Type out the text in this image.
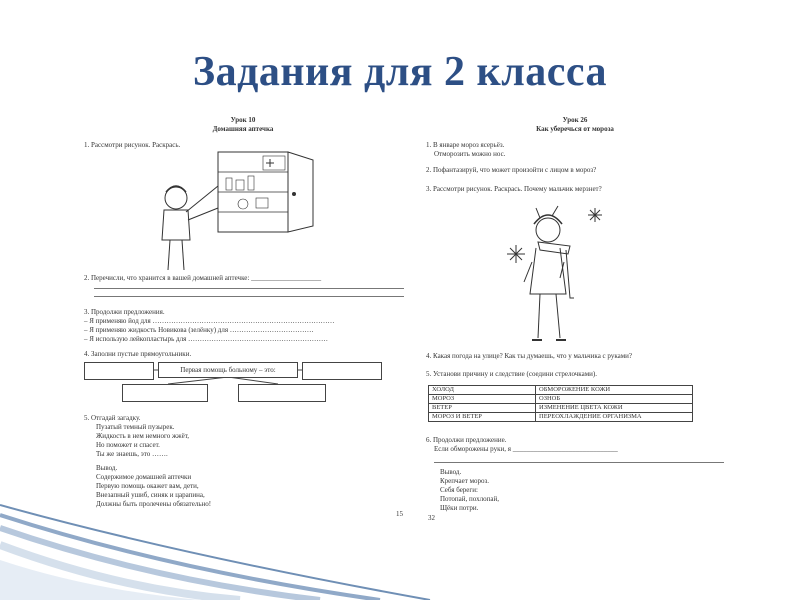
Задания для 2 класса
Урок 10
Домашняя аптечка
1. Рассмотри рисунок. Раскрась.
2. Перечисли, что хранится в вашей домашней аптечке: ____________________
3. Продолжи предложения.
– Я применяю йод для ……………………………………………………………………
– Я применяю жидкость Новикова (зелёнку) для ………………………………
– Я использую лейкопластырь для ……………………………………………………
4. Заполни пустые прямоугольники.
Первая помощь больному – это:
5. Отгадай загадку.
Пузатый темный пузырек.
Жидкость в нем немного жжёт,
Но поможет и спасет.
Ты же знаешь, это …….
Вывод.
Содержимое домашней аптечки
Первую помощь окажет вам, дети,
Внезапный ушиб, синяк и царапина,
Должны быть пролечены обязательно!
15
Урок 26
Как уберечься от мороза
1. В январе мороз ясерьёз.
Отморозить можно нос.
2. Пофантазируй, что может произойти с лицом в мороз?
3. Рассмотри рисунок. Раскрась. Почему мальчик мерзнет?
4. Какая погода на улице? Как ты думаешь, что у мальчика с руками?
5. Установи причину и следствие (соедини стрелочками).
ХОЛОД	ОБМОРОЖЕНИЕ КОЖИ
МОРОЗ	ОЗНОБ
ВЕТЕР	ИЗМЕНЕНИЕ ЦВЕТА КОЖИ
МОРОЗ И ВЕТЕР	ПЕРЕОХЛАЖДЕНИЕ ОРГАНИЗМА
6. Продолжи предложение.
Если обморожены руки, я ______________________________
Вывод.
Крепчает мороз.
Себя береги:
Потопай, похлопай,
Щёки потри.
32
